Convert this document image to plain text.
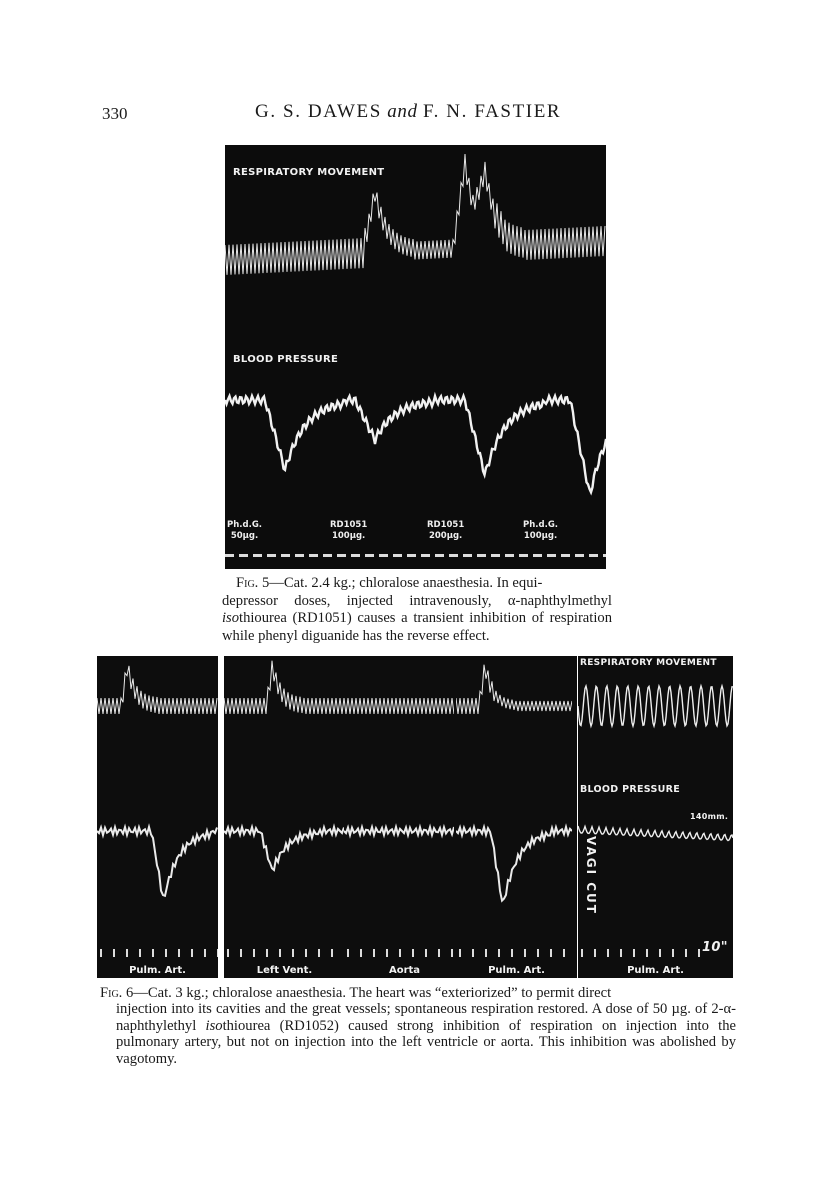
330	G. S. DAWES and F. N. FASTIER
RESPIRATORY MOVEMENT
BLOOD PRESSURE
Ph.d.G.
50µg.
RD1051
100µg.
RD1051
200µg.
Ph.d.G.
100µg.
Fig. 5—Cat. 2.4 kg.; chloralose anaesthesia. In equi-
depressor doses, injected intravenously, α-naphthylmethyl isothiourea (RD1051) causes a transient inhibition of respiration while phenyl diguanide has the reverse effect.
Pulm. Art.	Left Vent.	Aorta	Pulm. Art.
RESPIRATORY MOVEMENT
BLOOD PRESSURE
140mm.
VAGI CUT
10"
Pulm. Art.
Fig. 6—Cat. 3 kg.; chloralose anaesthesia. The heart was “exteriorized” to permit direct
injection into its cavities and the great vessels; spontaneous respiration restored. A dose of 50 µg. of 2-α-naphthylethyl isothiourea (RD1052) caused strong inhibition of respiration on injection into the pulmonary artery, but not on injection into the left ventricle or aorta. This inhibition was abolished by vagotomy.
